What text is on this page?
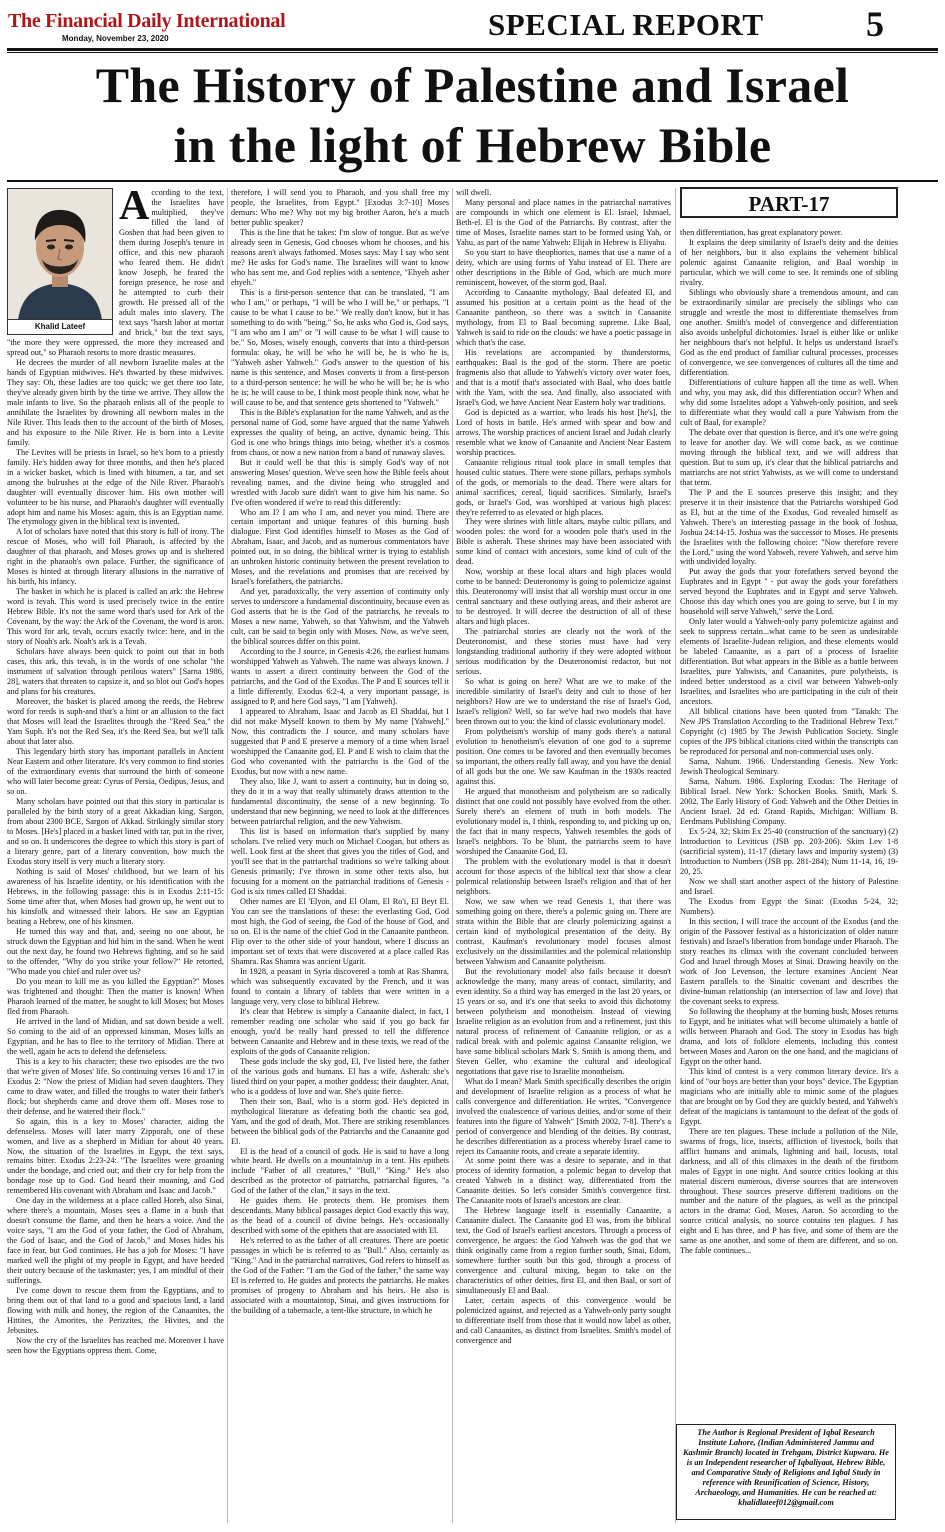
The Financial Daily International
Monday, November 23, 2020	SPECIAL REPORT	5
The History of Palestine and Israel
in the light of Hebrew Bible
Khalid Lateef

According to the text, the Israelites have multiplied, they've filled the land of Goshen that had been given to them during Joseph's tenure in office, and this new pharaoh who feared them. He didn't know Joseph, he feared the foreign presence, he rose and he attempted to curb their growth. He pressed all of the adult males into slavery. The text says "harsh labor at mortar and brick," but the text says, "the more they were oppressed, the more they increased and spread out," so Pharaoh resorts to more drastic measures.

He decrees the murder of all newborn Israelite males at the hands of Egyptian midwives. He's thwarted by these midwives. They say: Oh, these ladies are too quick; we get there too late, they've already given birth by the time we arrive. They allow the male infants to live. So the pharaoh enlists all of the people to annihilate the Israelites by drowning all newborn males in the Nile River. This leads then to the account of the birth of Moses, and his exposure to the Nile River. He is born into a Levite family.

The Levites will be priests in Israel, so he's born to a priestly family. He's hidden away for three months, and then he's placed in a wicker basket, which is lined with bitumen, a tar, and set among the bulrushes at the edge of the Nile River. Pharaoh's daughter will eventually discover him. His own mother will volunteer to be his nurse, and Pharaoh's daughter will eventually adopt him and name his Moses: again, this is an Egyptian name. The etymology given in the biblical text is invented.

A lot of scholars have noted that this story is full of irony. The rescue of Moses, who will foil Pharaoh, is affected by the daughter of that pharaoh, and Moses grows up and is sheltered right in the pharaoh's own palace. Further, the significance of Moses is hinted at through literary allusions in the narrative of his birth, his infancy.

The basket in which he is placed is called an ark: the Hebrew word is tevah. This word is used precisely twice in the entire Hebrew Bible. It's not the same word that's used for Ark of the Covenant, by the way: the Ark of the Covenant, the word is aron. This word for ark, tevah, occurs exactly twice: here, and in the story of Noah's ark. Noah's ark is a Tevah.

Scholars have always been quick to point out that in both cases, this ark, this tevah, is in the words of one scholar "the instrument of salvation through perilous waters" [Sarna 1986, 28], waters that threaten to capsize it, and so blot out God's hopes and plans for his creatures.

Moreover, the basket is placed among the reeds, the Hebrew word for reeds is suph-and that's a hint or an allusion to the fact that Moses will lead the Israelites through the "Reed Sea," the Yam Suph. It's not the Red Sea, it's the Reed Sea, but we'll talk about that later also.

This legendary birth story has important parallels in Ancient Near Eastern and other literature. It's very common to find stories of the extraordinary events that surround the birth of someone who will later become great: Cyrus of Persia, Oedipus, Jesus, and so on.

Many scholars have pointed out that this story in particular is paralleled by the birth story of a great Akkadian king, Sargon, from about 2300 BCE, Sargon of Akkad. Strikingly similar story to Moses. [He's] placed in a basket lined with tar, put in the river, and so on. It underscores the degree to which this story is part of a literary genre, part of a literary convention, how much the Exodus story itself is very much a literary story.

Nothing is said of Moses' childhood, but we learn of his awareness of his Israelite identity, or his identification with the Hebrews, in the following passage: this is in Exodus 2:11-15: Some time after that, when Moses had grown up, he went out to his kinsfolk and witnessed their labors. He saw an Egyptian beating a Hebrew, one of his kinsmen.

He turned this way and that, and, seeing no one about, he struck down the Egyptian and hid him in the sand. When he went out the next day, he found two Hebrews fighting, and so he said to the offender, "Why do you strike your fellow?" He retorted, "Who made you chief and ruler over us?

Do you mean to kill me as you killed the Egyptian?" Moses was frightened and thought: Then the matter is known! When Pharaoh learned of the matter, he sought to kill Moses; but Moses fled from Pharaoh.

He arrived in the land of Midian, and sat down beside a well. So coming to the aid of an oppressed kinsman, Moses kills an Egyptian, and he has to flee to the territory of Midian. There at the well, again he acts to defend the defenseless.

This is a key to his character; these two episodes are the two that we're given of Moses' life. So continuing verses 16 and 17 in Exodus 2: "Now the priest of Midian had seven daughters. They came to draw water, and filled the troughs to water their father's flock; but shepherds came and drove them off. Moses rose to their defense, and he watered their flock."

So again, this is a key to Moses' character, aiding the defenseless. Moses will later marry Zipporah, one of these women, and live as a shepherd in Midian for about 40 years. Now, the situation of the Israelites in Egypt, the text says, remains bitter. Exodus 2:23-24: "The Israelites were groaning under the bondage, and cried out; and their cry for help from the bondage rose up to God. God heard their moaning, and God remembered His covenant with Abraham and Isaac and Jacob."

One day in the wilderness at a place called Horeb, also Sinai, where there's a mountain, Moses sees a flame in a bush that doesn't consume the flame, and then he hears a voice. And the voice says, "I am the God of your father, the God of Abraham, the God of Isaac, and the God of Jacob," and Moses hides his face in fear, but God continues. He has a job for Moses: "I have marked well the plight of my people in Egypt, and have heeded their outcry because of the taskmaster; yes, I am mindful of their sufferings.

I've come down to rescue them from the Egyptians, and to bring them out of that land to a good and spacious land, a land flowing with milk and honey, the region of the Canaanites, the Hittites, the Amorites, the Perizzites, the Hivites, and the Jebusites.

Now the cry of the Israelites has reached me. Moreover I have seen how the Egyptians oppress them. Come,

therefore, I will send you to Pharaoh, and you shall free my people, the Israelites, from Egypt." [Exodus 3:7-10] Moses demurs: Who me? Why not my big brother Aaron, he's a much better public speaker?

This is the line that he takes: I'm slow of tongue. But as we've already seen in Genesis, God chooses whom he chooses, and his reasons aren't always fathomed. Moses says: May I say who sent me? He asks for God's name. The Israelites will want to know who has sent me, and God replies with a sentence, "Ehyeh asher ehyeh."

This is a first-person sentence that can be translated, "I am who I am," or perhaps, "I will be who I will be," or perhaps, "I cause to be what I cause to be." We really don't know, but it has something to do with "being." So, he asks who God is, God says, "I am who am I am" or "I will cause to be what I will cause to be." So, Moses, wisely enough, converts that into a third-person formula: okay, he will be who he will be, he is who he is, "Yahweh asher Yahweh." God's answer to the question of his name is this sentence, and Moses converts it from a first-person to a third-person sentence: he will be who he will be; he is who he is; he will cause to be, I think most people think now, what he will cause to be, and that sentence gets shortened to "Yahweh."

This is the Bible's explanation for the name Yahweh, and as the personal name of God, some have argued that the name Yahweh expresses the quality of being, an active, dynamic being. This God is one who brings things into being, whether it's a cosmos from chaos, or now a new nation from a band of runaway slaves.

But it could well be that this is simply God's way of not answering Moses' question. We've seen how the Bible feels about revealing names, and the divine being who struggled and wrestled with Jacob sure didn't want to give him his name. So I've often wondered if we're to read this differently:

Who am I? I am who I am, and never you mind. There are certain important and unique features of this burning bush dialogue. First God identifies himself to Moses as the God of Abraham, Isaac, and Jacob, and as numerous commentators have pointed out, in so doing, the biblical writer is trying to establish an unbroken historic continuity between the present revelation to Moses, and the revelations and promises that are received by Israel's forefathers, the patriarchs.

And yet, paradoxically, the very assertion of continuity only serves to underscore a fundamental discontinuity, because even as God asserts that he is the God of the patriarchs, he reveals to Moses a new name, Yahweh, so that Yahwism, and the Yahweh cult, can be said to begin only with Moses. Now, as we've seen, the biblical sources differ on this point.

According to the J source, in Genesis 4:26, the earliest humans worshipped Yahweh as Yahweh. The name was always known. J wants to assert a direct continuity between the God of the patriarchs, and the God of the Exodus. The P and E sources tell it a little differently. Exodus 6:2-4, a very important passage, is assigned to P, and here God says, "I am [Yahweh].

I appeared to Abraham, Isaac and Jacob as El Shaddai, but I did not make Myself known to them by My name [Yahweh]." Now, this contradicts the J source, and many scholars have suggested that P and E preserve a memory of a time when Israel worshipped the Canaanite god, El. P and E wish to claim that the God who covenanted with the patriarchs is the God of the Exodus, but now with a new name.

They also, like J, want to assert a continuity, but in doing so, they do it in a way that really ultimately draws attention to the fundamental discontinuity, the sense of a new beginning. To understand that new beginning, we need to look at the differences between patriarchal religion, and the new Yahwism.

This list is based on information that's supplied by many scholars. I've relied very much on Michael Coogan, but others as well. Look first at the sheet that gives you the titles of God, and you'll see that in the patriarchal traditions so we're talking about Genesis primarily; I've thrown in some other texts also, but focusing for a moment on the patriarchal traditions of Genesis - God is six times called El Shaddai.

Other names are El 'Elyon, and El Olam, El Ro'i, El Beyt El. You can see the translations of these: the everlasting God, God most high, the God of seeing, the God of the house of God, and so on. El is the name of the chief God in the Canaanite pantheon. Flip over to the other side of your handout, where I discuss an important set of texts that were discovered at a place called Ras Shamra. Ras Shamra was ancient Ugarit.

In 1928, a peasant in Syria discovered a tomb at Ras Shamra, which was subsequently excavated by the French, and it was found to contain a library of tablets that were written in a language very, very close to biblical Hebrew.

It's clear that Hebrew is simply a Canaanite dialect, in fact, I remember reading one scholar who said if you go back far enough, you'd be really hard pressed to tell the difference between Canaanite and Hebrew and in these texts, we read of the exploits of the gods of Canaanite religion.

These gods include the sky god, El, I've listed here, the father of the various gods and humans. El has a wife, Asherah: she's listed third on your paper, a mother goddess; their daughter, Anat, who is a goddess of love and war. She's quite fierce.

Then their son, Baal, who is a storm god. He's depicted in mythological literature as defeating both the chaotic sea god, Yam, and the god of death, Mot. There are striking resemblances between the biblical gods of the Patriarchs and the Canaanite god El.

El is the head of a council of gods. He is said to have a long white beard. He dwells on a mountain/up in a tent. His epithets include "Father of all creatures," "Bull," "King." He's also described as the protector of patriarchs, patriarchal figures, "a God of the father of the clan," it says in the text.

He guides them. He protects them. He promises them descendants. Many biblical passages depict God exactly this way, as the head of a council of divine beings. He's occasionally described with some of the epithets that are associated with El.

He's referred to as the father of all creatures. There are poetic passages in which he is referred to as "Bull." Also, certainly as "King." And in the patriarchal narratives, God refers to himself as the God of the Father: "I am the God of the father," the same way El is referred to. He guides and protects the patriarchs. He makes promises of progeny to Abraham and his heirs. He also is associated with a mountaintop, Sinai, and gives instructions for the building of a tabernacle, a tent-like structure, in which he

will dwell.

Many personal and place names in the patriarchal narratives are compounds in which one element is El. Israel, Ishmael, Beth-el. El is the God of the Patriarchs. By contrast, after the time of Moses, Israelite names start to be formed using Yah, or Yahu, as part of the name Yahweh: Elijah in Hebrew is Eliyahu.

So you start to have theophorics, names that use a name of a deity, which are using forms of Yahu instead of El. There are other descriptions in the Bible of God, which are much more reminiscent, however, of the storm god, Baal.

According to Canaanite mythology, Baal defeated El, and assumed his position at a certain point as the head of the Canaanite pantheon, so there was a switch in Canaanite mythology, from El to Baal becoming supreme. Like Baal, Yahweh is said to ride on the clouds: we have a poetic passage in which that's the case.

His revelations are accompanied by thunderstorms, earthquakes: Baal is the god of the storm. There are poetic fragments also that allude to Yahweh's victory over water foes, and that is a motif that's associated with Baal, who does battle with the Yam, with the sea. And finally, also associated with Israel's God, we have Ancient Near Eastern holy war traditions.

God is depicted as a warrior, who leads his host [he's], the Lord of hosts in battle. He's armed with spear and bow and arrows. The worship practices of ancient Israel and Judah clearly resemble what we know of Canaanite and Ancient Near Eastern worship practices.

Canaanite religious ritual took place in small temples that housed cultic statues. There were stone pillars, perhaps symbols of the gods, or memorials to the dead. There were altars for animal sacrifices, cereal, liquid sacrifices. Similarly, Israel's gods, or Israel's God, was worshiped at various high places: they're referred to as elevated or high places.

They were shrines with little altars, maybe cultic pillars, and wooden poles: the word for a wooden pole that's used in the Bible is asherah. These shrines may have been associated with some kind of contact with ancestors, some kind of cult of the dead.

Now, worship at these local altars and high places would come to be banned: Deuteronomy is going to polemicize against this. Deuteronomy will insist that all worship must occur in one central sanctuary and these outlying areas, and their asherot are to be destroyed. It will decree the destruction of all of these altars and high places.

The patriarchal stories are clearly not the work of the Deuteronomist, and these stories must have had very longstanding traditional authority if they were adopted without serious modification by the Deuteronomist redactor, but not serious.

So what is going on here? What are we to make of the incredible similarity of Israel's deity and cult to those of her neighbors? How are we to understand the rise of Israel's God, Israel's religion? Well, so far we've had two models that have been thrown out to you: the kind of classic evolutionary model.

From polytheism's worship of many gods there's a natural evolution to henotheism's elevation of one god to a supreme position. One comes to be favored and then eventually becomes so important, the others really fall away, and you have the denial of all gods but the one. We saw Kaufman in the 1930s reacted against this.

He argued that monotheism and polytheism are so radically distinct that one could not possibly have evolved from the other. Surely there's an element of truth in both models. The evolutionary model is, I think, responding to, and picking up on, the fact that in many respects, Yahweh resembles the gods of Israel's neighbors. To be blunt, the patriarchs seem to have worshiped the Canaanite God, El.

The problem with the evolutionary model is that it doesn't account for those aspects of the biblical text that show a clear polemical relationship between Israel's religion and that of her neighbors.

Now, we saw when we read Genesis 1, that there was something going on there, there's a polemic going on. There are strata within the Bible that are clearly polemicizing against a certain kind of mythological presentation of the deity. By contrast, Kaufman's revolutionary model focuses almost exclusively on the dissimilarities and the polemical relationship between Yahwism and Canaanite polytheism.

But the revolutionary model also fails because it doesn't acknowledge the many, many areas of contact, similarity, and even identity. So a third way has emerged in the last 20 years, or 15 years or so, and it's one that seeks to avoid this dichotomy between polytheism and monotheism. Instead of viewing Israelite religion as an evolution from and a refinement, just this natural process of refinement of Canaanite religion, or as a radical break with and polemic against Canaanite religion, we have some biblical scholars Mark S. Smith is among them, and Steven Geller, who examine the cultural and ideological negotiations that gave rise to Israelite monotheism.

What do I mean? Mark Smith specifically describes the origin and development of Israelite religion as a process of what he calls convergence and differentiation. He writes, "Convergence involved the coalescence of various deities, and/or some of their features into the figure of Yahweh" [Smith 2002, 7-8]. There's a period of convergence and blending of the deities. By contrast, he describes differentiation as a process whereby Israel came to reject its Canaanite roots, and create a separate identity.

At some point there was a desire to separate, and in that process of identity formation, a polemic began to develop that created Yahweh in a distinct way, differentiated from the Canaanite deities. So let's consider Smith's convergence first. The Canaanite roots of Israel's ancestors are clear.

The Hebrew language itself is essentially Canaanite, a Canaanite dialect. The Canaanite god El was, from the biblical text, the God of Israel's earliest ancestors. Through a process of convergence, he argues: the God Yahweh was the god that we think originally came from a region further south, Sinai, Edom, somewhere further south but this god, through a process of convergence and cultural mixing, began to take on the characteristics of other deities, first El, and then Baal, or sort of simultaneously El and Baal.

Later, certain aspects of this convergence would be polemicized against, and rejected as a Yahweh-only party sought to differentiate itself from those that it would now label as other, and call Canaanites, as distinct from Israelites. Smith's model of convergence and

PART-17

then differentiation, has great explanatory power.

It explains the deep similarity of Israel's deity and the deities of her neighbors, but it also explains the vehement biblical polemic against Canaanite religion, and Baal worship in particular, which we will come to see. It reminds one of sibling rivalry.

Siblings who obviously share a tremendous amount, and can be extraordinarily similar are precisely the siblings who can struggle and wrestle the most to differentiate themselves from one another. Smith's model of convergence and differentiation also avoids unhelpful dichotomies. Israel is either like or unlike her neighbours that's not helpful. It helps us understand Israel's God as the end product of familiar cultural processes, processes of convergence, we see convergences of cultures all the time and differentiation.

Differentiations of culture happen all the time as well. When and why, you may ask, did this differentiation occur? When and why did some Israelites adopt a Yahweh-only position, and seek to differentiate what they would call a pure Yahwism from the cult of Baal, for example?

The debate over that question is fierce, and it's one we're going to leave for another day. We will come back, as we continue moving through the biblical text, and we will address that question. But to sum up, it's clear that the biblical patriarchs and matriarchs are not strict Yahwists, as we will come to understand that term.

The P and the E sources preserve this insight; and they preserve it in their insistence that the Patriarchs worshiped God as El, but at the time of the Exodus, God revealed himself as Yahweh. There's an interesting passage in the book of Joshua, Joshua 24:14-15. Joshua was the successor to Moses. He presents the Israelites with the following choice: "Now therefore revere the Lord," using the word Yahweh, revere Yahweh, and serve him with undivided loyalty.

Put away the gods that your forefathers served beyond the Euphrates and in Egypt " - put away the gods your forefathers served beyond the Euphrates and in Egypt and serve Yahweh. Choose this day which ones you are going to serve, but I in my household will serve Yahweh," serve the Lord.

Only later would a Yahweh-only party polemicize against and seek to suppress certain...what came to be seen as undesirable elements of Israelite-Judean religion, and these elements would be labeled Canaanite, as a part of a process of Israelite differentiation. But what appears in the Bible as a battle between Israelites, pure Yahwists, and Canaanites, pure polytheists, is indeed better understood as a civil war between Yahweh-only Israelites, and Israelites who are participating in the cult of their ancestors.

All biblical citations have been quoted from "Tanakh: The New JPS Translation According to the Traditional Hebrew Text." Copyright (c) 1985 by The Jewish Publication Society. Single copies of the JPS biblical citations cited within the transcripts can be reproduced for personal and non-commercial uses only.

Sarna, Nahum. 1966. Understanding Genesis. New York: Jewish Theological Seminary.

Sarna, Nahum. 1986. Exploring Exodus: The Heritage of Biblical Israel. New York: Schocken Books. Smith, Mark S. 2002. The Early History of God: Yahweh and the Other Deities in Ancient Israel. 2d ed. Grand Rapids, Michigan: William B. Eerdmans Publishing Company.

Ex 5-24, 32; Skim Ex 25-40 (construction of the sanctuary) (2) Introduction to Leviticus (JSB pp. 203-206). Skim Lev 1-8 (sacrificial system), 11-17 (dietary laws and impurity system) (3) Introduction to Numbers (JSB pp. 281-284); Num 11-14, 16, 19-20, 25.

Now we shall start another aspect of the history of Palestine and Israel.

The Exodus from Egypt the Sinai: (Exodus 5-24, 32; Numbers).

In this section, I will trace the account of the Exodus (and the origin of the Passover festival as a historicization of older nature festivals) and Israel's liberation from bondage under Pharaoh. The story reaches its climax with the covenant concluded between God and Israel through Moses at Sinai. Drawing heavily on the work of Jon Levenson, the lecture examines Ancient Near Eastern parallels to the Sinaitic covenant and describes the divine-human relationship (an intersection of law and love) that the covenant seeks to express.

So following the theophany at the burning bush, Moses returns to Egypt, and he initiates what will become ultimately a battle of wills between Pharaoh and God. The story in Exodus has high drama, and lots of folklore elements, including this contest between Moses and Aaron on the one hand, and the magicians of Egypt on the other hand.

This kind of contest is a very common literary device. It's a kind of "our boys are better than your boys" device. The Egyptian magicians who are initially able to mimic some of the plagues that are brought on by God they are quickly bested, and Yahweh's defeat of the magicians is tantamount to the defeat of the gods of Egypt.

There are ten plagues. These include a pollution of the Nile, swarms of frogs, lice, insects, affliction of livestock, boils that afflict humans and animals, lightning and hail, locusts, total darkness, and all of this climaxes in the death of the firstborn males of Egypt in one night. And source critics looking at this material discern numerous, diverse sources that are interwoven throughout. These sources preserve different traditions on the number and the nature of the plagues, as well as the principal actors in the drama: God, Moses, Aaron. So according to the source critical analysis, no source contains ten plagues. J has eight and E has three, and P has five, and some of them are the same as one another, and some of them are different, and so on. The fable continues...

The Author is Regional President of Iqbal Research Institute Lahore, (Indian Administered Jammu and Kashmir Branch) located in Trehgam, District Kupwara. He is an Independent researcher of Iqbaliyaat, Hebrew Bible, and Comparative Study of Religions and Iqbal Study in reference with Reunification of Science, History, Archaeology, and Humanities. He can be reached at: khalidlateef012@gmail.com
